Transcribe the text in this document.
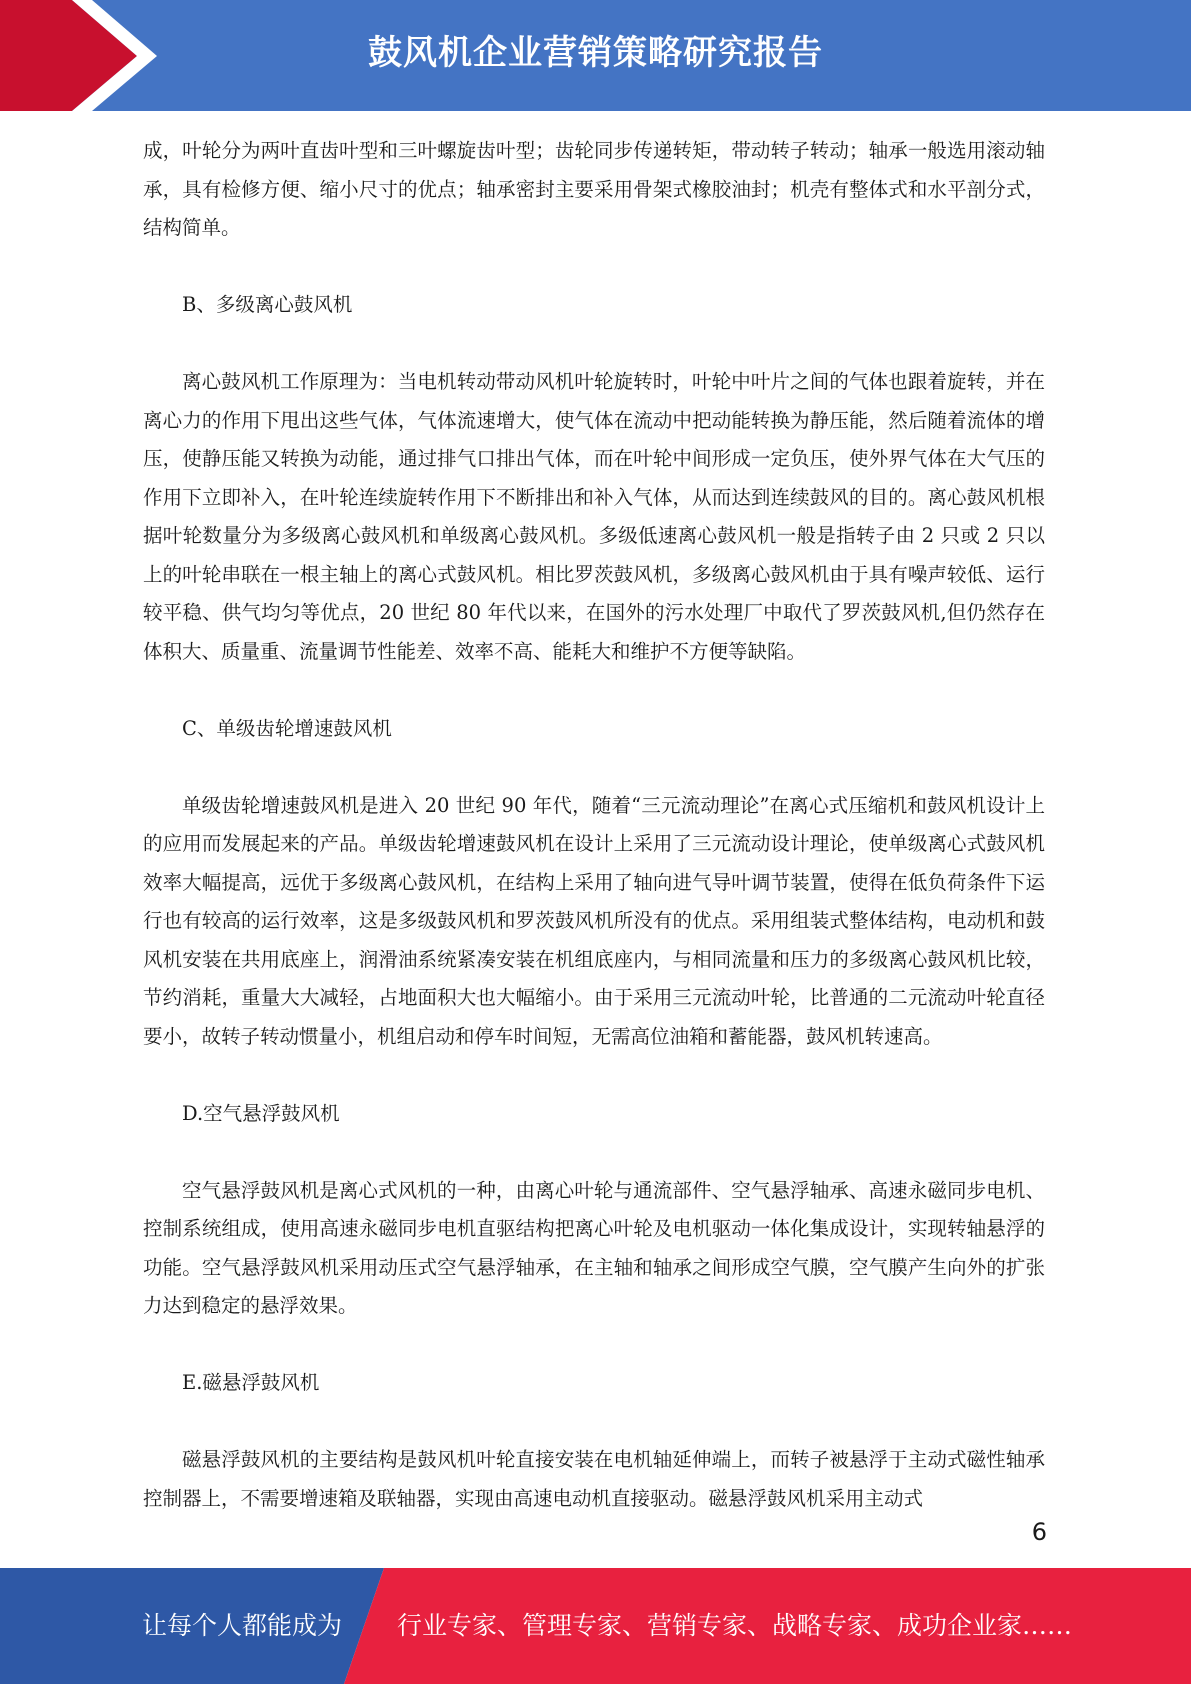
鼓风机企业营销策略研究报告

成，叶轮分为两叶直齿叶型和三叶螺旋齿叶型；齿轮同步传递转矩，带动转子转动；轴承一般选用滚动轴承，具有检修方便、缩小尺寸的优点；轴承密封主要采用骨架式橡胶油封；机壳有整体式和水平剖分式，结构简单。

B、多级离心鼓风机

离心鼓风机工作原理为：当电机转动带动风机叶轮旋转时，叶轮中叶片之间的气体也跟着旋转，并在离心力的作用下甩出这些气体，气体流速增大，使气体在流动中把动能转换为静压能，然后随着流体的增压，使静压能又转换为动能，通过排气口排出气体，而在叶轮中间形成一定负压，使外界气体在大气压的作用下立即补入，在叶轮连续旋转作用下不断排出和补入气体，从而达到连续鼓风的目的。离心鼓风机根据叶轮数量分为多级离心鼓风机和单级离心鼓风机。多级低速离心鼓风机一般是指转子由 2 只或 2 只以上的叶轮串联在一根主轴上的离心式鼓风机。相比罗茨鼓风机，多级离心鼓风机由于具有噪声较低、运行较平稳、供气均匀等优点，20 世纪 80 年代以来，在国外的污水处理厂中取代了罗茨鼓风机,但仍然存在体积大、质量重、流量调节性能差、效率不高、能耗大和维护不方便等缺陷。

C、单级齿轮增速鼓风机

单级齿轮增速鼓风机是进入 20 世纪 90 年代，随着“三元流动理论”在离心式压缩机和鼓风机设计上的应用而发展起来的产品。单级齿轮增速鼓风机在设计上采用了三元流动设计理论，使单级离心式鼓风机效率大幅提高，远优于多级离心鼓风机，在结构上采用了轴向进气导叶调节装置，使得在低负荷条件下运行也有较高的运行效率，这是多级鼓风机和罗茨鼓风机所没有的优点。采用组装式整体结构，电动机和鼓风机安装在共用底座上，润滑油系统紧凑安装在机组底座内，与相同流量和压力的多级离心鼓风机比较，节约消耗，重量大大减轻，占地面积大也大幅缩小。由于采用三元流动叶轮，比普通的二元流动叶轮直径要小，故转子转动惯量小，机组启动和停车时间短，无需高位油箱和蓄能器，鼓风机转速高。

D.空气悬浮鼓风机

空气悬浮鼓风机是离心式风机的一种，由离心叶轮与通流部件、空气悬浮轴承、高速永磁同步电机、控制系统组成，使用高速永磁同步电机直驱结构把离心叶轮及电机驱动一体化集成设计，实现转轴悬浮的功能。空气悬浮鼓风机采用动压式空气悬浮轴承，在主轴和轴承之间形成空气膜，空气膜产生向外的扩张力达到稳定的悬浮效果。

E.磁悬浮鼓风机

磁悬浮鼓风机的主要结构是鼓风机叶轮直接安装在电机轴延伸端上，而转子被悬浮于主动式磁性轴承控制器上，不需要增速箱及联轴器，实现由高速电动机直接驱动。磁悬浮鼓风机采用主动式

6
让每个人都能成为 行业专家、管理专家、营销专家、战略专家、成功企业家……
